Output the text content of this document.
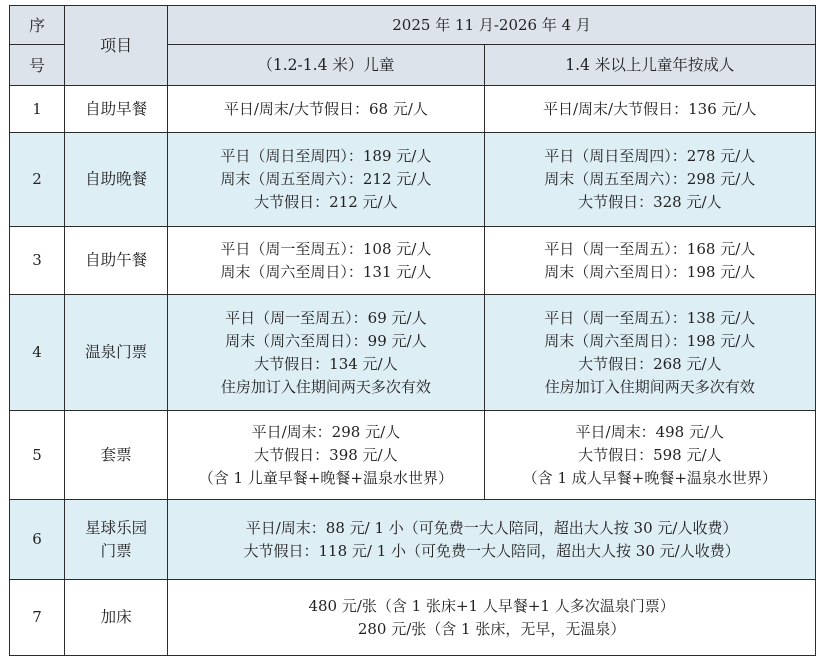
序	项目	2025 年 11 月-2026 年 4 月	
号		（1.2-1.4 米）儿童	1.4 米以上儿童年按成人
1	自助早餐	平日/周末/大节假日：68 元/人	平日/周末/大节假日：136 元/人

2	自助晚餐	平日（周日至周四）：189 元/人
周末（周五至周六）：212 元/人
大节假日：212 元/人	平日（周日至周四）：278 元/人
周末（周五至周六）：298 元/人
大节假日：328 元/人

3	自助午餐	平日（周一至周五）：108 元/人
周末（周六至周日）：131 元/人	平日（周一至周五）：168 元/人
周末（周六至周日）：198 元/人

4	温泉门票	平日（周一至周五）：69 元/人
周末（周六至周日）：99 元/人
大节假日：134 元/人
住房加订入住期间两天多次有效	平日（周一至周五）：138 元/人
周末（周六至周日）：198 元/人
大节假日：268 元/人
住房加订入住期间两天多次有效

5	套票	平日/周末：298 元/人
大节假日：398 元/人
（含 1 儿童早餐+晚餐+温泉水世界）	平日/周末：498 元/人
大节假日：598 元/人
（含 1 成人早餐+晚餐+温泉水世界）

6	星球乐园
门票	平日/周末：88 元/ 1 小（可免费一大人陪同，超出大人按 30 元/人收费）
大节假日：118 元/ 1 小（可免费一大人陪同，超出大人按 30 元/人收费）	

7	加床	480 元/张（含 1 张床+1 人早餐+1 人多次温泉门票）
280 元/张（含 1 张床，无早，无温泉）	
